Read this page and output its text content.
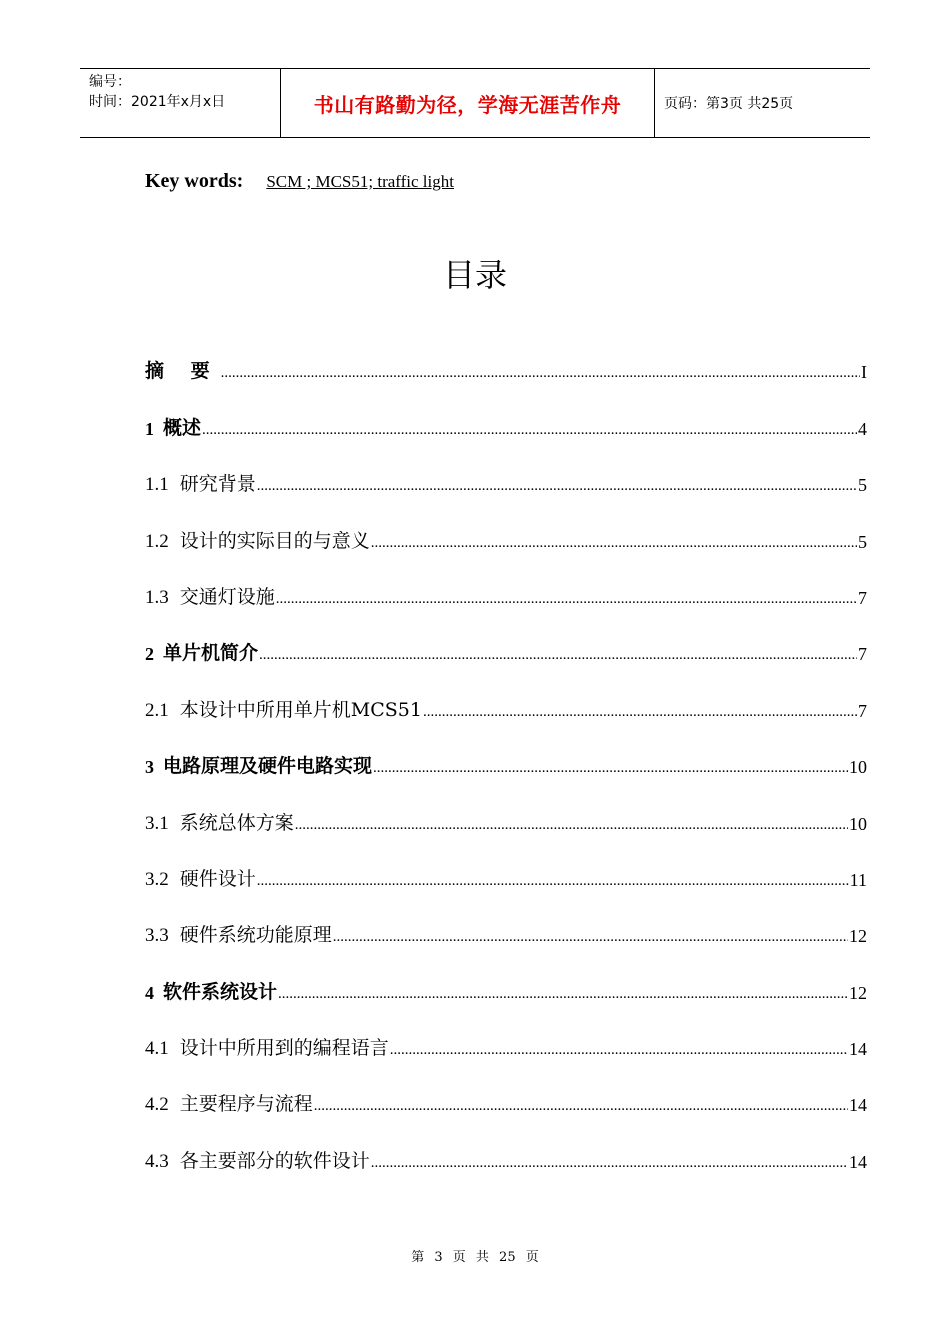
编号：
时间：2021年x月x日	书山有路勤为径，学海无涯苦作舟	页码：第3页 共25页
Key words:	SCM ; MCS51; traffic light
目录
摘 要 .....	I
1 概述 .....	4
1.1 研究背景 .....	5
1.2 设计的实际目的与意义 .....	5
1.3 交通灯设施 .....	7
2 单片机简介 .....	7
2.1 本设计中所用单片机MCS51 .....	7
3 电路原理及硬件电路实现 .....	10
3.1 系统总体方案 .....	10
3.2 硬件设计 .....	11
3.3 硬件系统功能原理 .....	12
4 软件系统设计 .....	12
4.1 设计中所用到的编程语言 .....	14
4.2 主要程序与流程 .....	14
4.3 各主要部分的软件设计 .....	14
第 3 页 共 25 页
